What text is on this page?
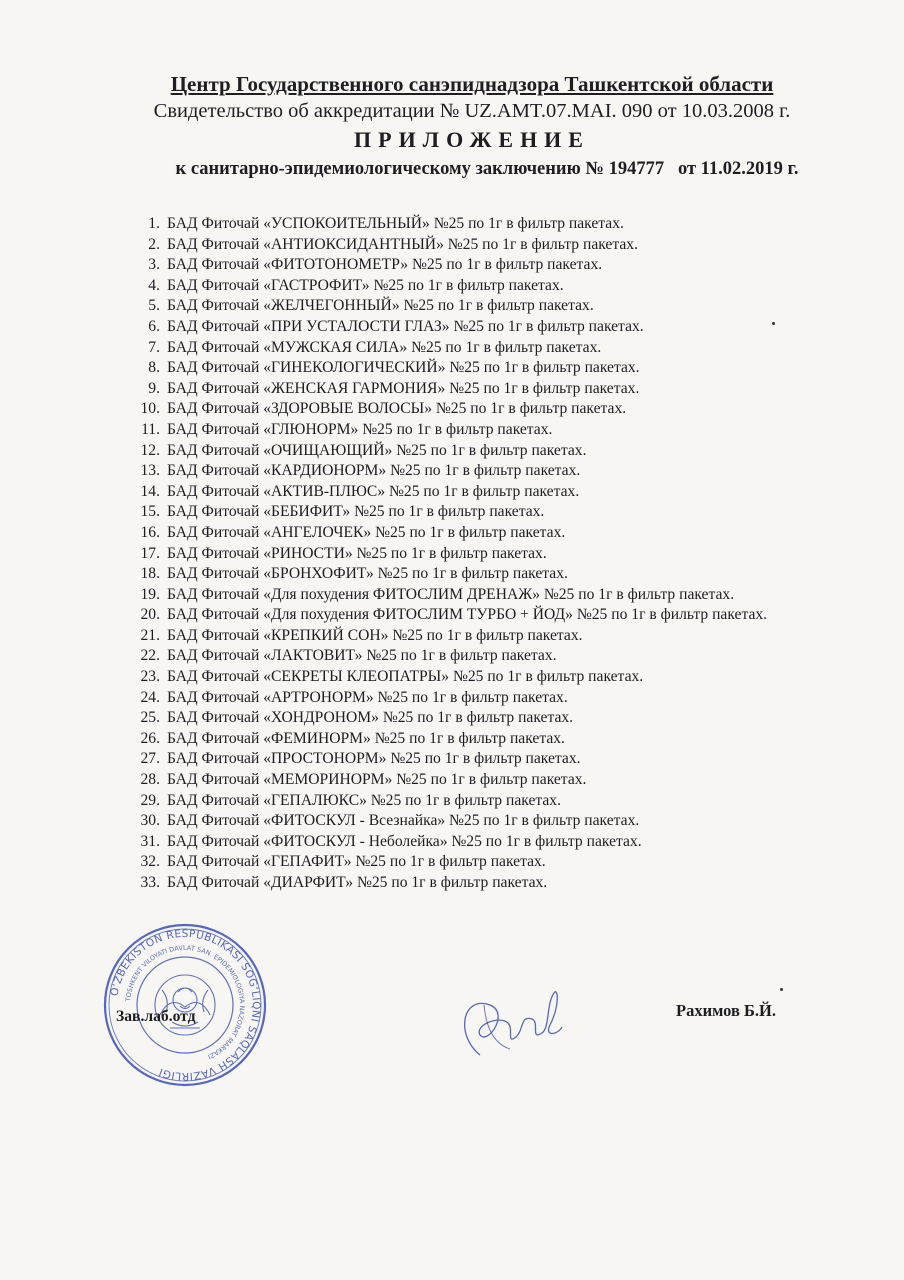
Центр Государственного санэпиднадзора Ташкентской области
Свидетельство об аккредитации № UZ.AMT.07.MAI. 090 от 10.03.2008 г.
ПРИЛОЖЕНИЕ
к санитарно-эпидемиологическому заключению № 194777   от 11.02.2019 г.
1. БАД Фиточай «УСПОКОИТЕЛЬНЫЙ» №25 по 1г в фильтр пакетах.
2. БАД Фиточай «АНТИОКСИДАНТНЫЙ» №25 по 1г в фильтр пакетах.
3. БАД Фиточай «ФИТОТОНОМЕТР» №25 по 1г в фильтр пакетах.
4. БАД Фиточай «ГАСТРОФИТ» №25 по 1г в фильтр пакетах.
5. БАД Фиточай «ЖЕЛЧЕГОННЫЙ» №25 по 1г в фильтр пакетах.
6. БАД Фиточай «ПРИ УСТАЛОСТИ ГЛАЗ» №25 по 1г в фильтр пакетах.
7. БАД Фиточай «МУЖСКАЯ СИЛА» №25 по 1г в фильтр пакетах.
8. БАД Фиточай «ГИНЕКОЛОГИЧЕСКИЙ» №25 по 1г в фильтр пакетах.
9. БАД Фиточай «ЖЕНСКАЯ ГАРМОНИЯ» №25 по 1г в фильтр пакетах.
10. БАД Фиточай «ЗДОРОВЫЕ ВОЛОСЫ» №25 по 1г в фильтр пакетах.
11. БАД Фиточай «ГЛЮНОРМ» №25 по 1г в фильтр пакетах.
12. БАД Фиточай «ОЧИЩАЮЩИЙ» №25 по 1г в фильтр пакетах.
13. БАД Фиточай «КАРДИОНОРМ» №25 по 1г в фильтр пакетах.
14. БАД Фиточай «АКТИВ-ПЛЮС» №25 по 1г в фильтр пакетах.
15. БАД Фиточай «БЕБИФИТ» №25 по 1г в фильтр пакетах.
16. БАД Фиточай «АНГЕЛОЧЕК» №25 по 1г в фильтр пакетах.
17. БАД Фиточай «РИНОСТИ» №25 по 1г в фильтр пакетах.
18. БАД Фиточай «БРОНХОФИТ» №25 по 1г в фильтр пакетах.
19. БАД Фиточай «Для похудения ФИТОСЛИМ ДРЕНАЖ» №25 по 1г в фильтр пакетах.
20. БАД Фиточай «Для похудения ФИТОСЛИМ ТУРБО + ЙОД» №25 по 1г в фильтр пакетах.
21. БАД Фиточай «КРЕПКИЙ СОН» №25 по 1г в фильтр пакетах.
22. БАД Фиточай «ЛАКТОВИТ» №25 по 1г в фильтр пакетах.
23. БАД Фиточай «СЕКРЕТЫ КЛЕОПАТРЫ» №25 по 1г в фильтр пакетах.
24. БАД Фиточай «АРТРОНОРМ» №25 по 1г в фильтр пакетах.
25. БАД Фиточай «ХОНДРОНОМ» №25 по 1г в фильтр пакетах.
26. БАД Фиточай «ФЕМИНОРМ» №25 по 1г в фильтр пакетах.
27. БАД Фиточай «ПРОСТОНОРМ» №25 по 1г в фильтр пакетах.
28. БАД Фиточай «МЕМОРИНОРМ» №25 по 1г в фильтр пакетах.
29. БАД Фиточай «ГЕПАЛЮКС» №25 по 1г в фильтр пакетах.
30. БАД Фиточай «ФИТОСКУЛ - Всезнайка» №25 по 1г в фильтр пакетах.
31. БАД Фиточай «ФИТОСКУЛ - Неболейка» №25 по 1г в фильтр пакетах.
32. БАД Фиточай «ГЕПАФИТ» №25 по 1г в фильтр пакетах.
33. БАД Фиточай «ДИАРФИТ» №25 по 1г в фильтр пакетах.
OʻZBEKISTON RESPUBLIKASI SOGʻLIQNI SAQLASH VAZIRLIGI
TOSHKENT VILOYATI DAVLAT SAN. EPIDEMIOLOGIYA NAZORAT MARKAZI
Зав.лаб.отд	Рахимов Б.Й.
